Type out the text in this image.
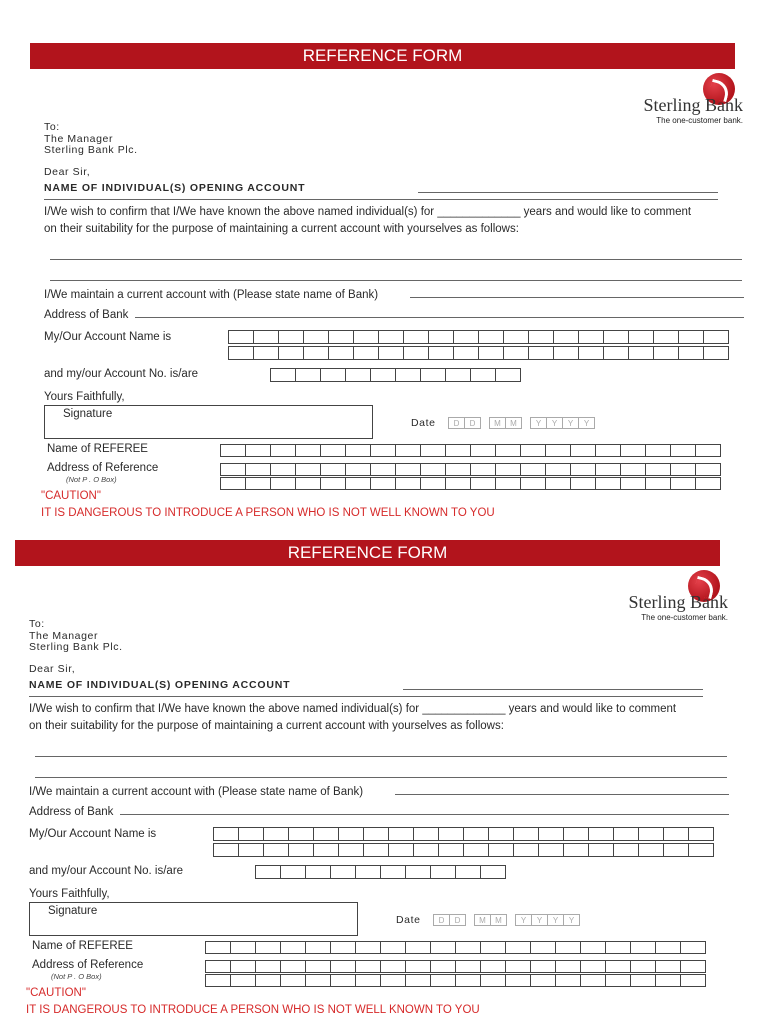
REFERENCE FORM
Sterling Bank
The one-customer bank.
To:
The Manager
Sterling Bank Plc.
Dear Sir,
NAME OF INDIVIDUAL(S) OPENING ACCOUNT
I/We wish to confirm that I/We have known the above named individual(s) for _____________ years and would like to comment
on their suitability for the purpose of maintaining a current account with yourselves as follows:
I/We maintain a current account with (Please state name of Bank)
Address of Bank
My/Our Account Name is
and my/our Account No. is/are
Yours Faithfully,
Signature
Date	D	D	M	M	Y	Y	Y	Y
Name of REFEREE
Address of Reference
(Not P . O Box)
"CAUTION"
IT IS DANGEROUS TO INTRODUCE A PERSON WHO IS NOT WELL KNOWN TO YOU
REFERENCE FORM
Sterling Bank
The one-customer bank.
To:
The Manager
Sterling Bank Plc.
Dear Sir,
NAME OF INDIVIDUAL(S) OPENING ACCOUNT
I/We wish to confirm that I/We have known the above named individual(s) for _____________ years and would like to comment
on their suitability for the purpose of maintaining a current account with yourselves as follows:
I/We maintain a current account with (Please state name of Bank)
Address of Bank
My/Our Account Name is
and my/our Account No. is/are
Yours Faithfully,
Signature
Date	D	D	M	M	Y	Y	Y	Y
Name of REFEREE
Address of Reference
(Not P . O Box)
"CAUTION"
IT IS DANGEROUS TO INTRODUCE A PERSON WHO IS NOT WELL KNOWN TO YOU
